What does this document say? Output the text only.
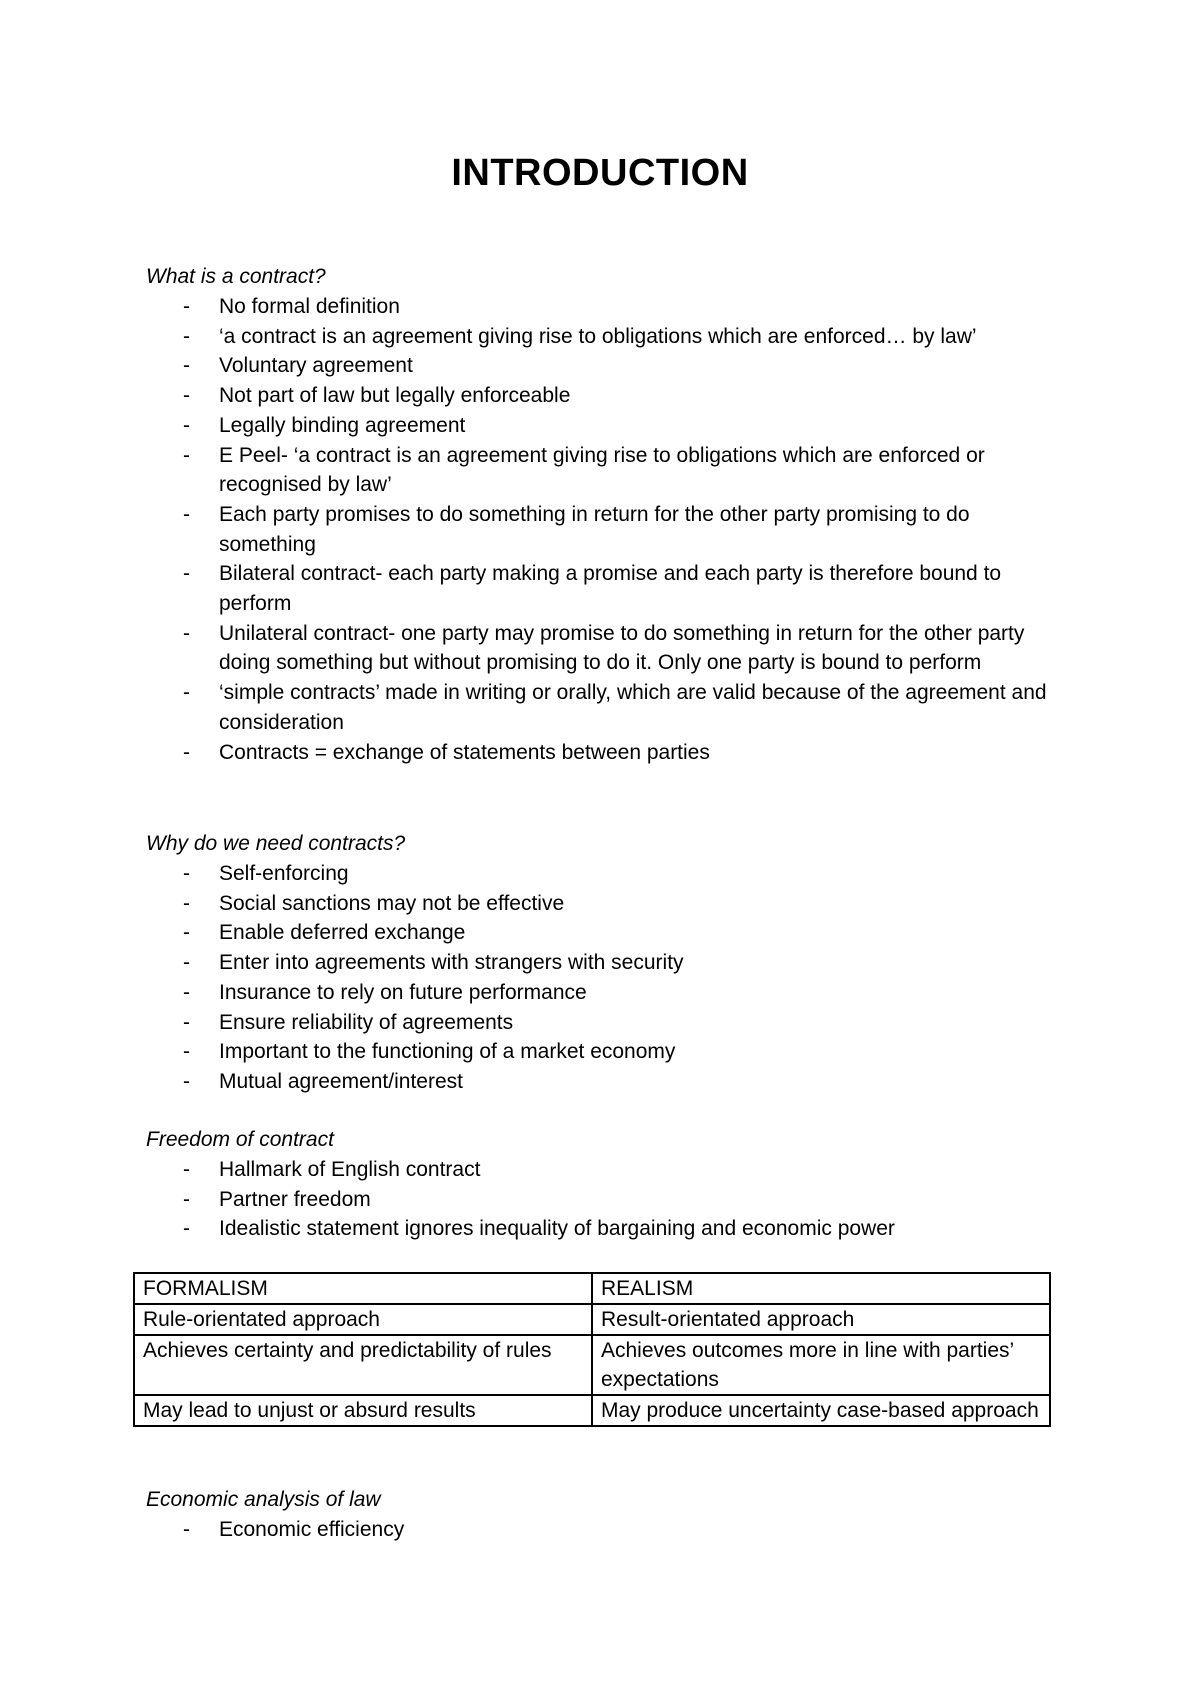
INTRODUCTION
What is a contract?
- No formal definition
- ‘a contract is an agreement giving rise to obligations which are enforced… by law’
- Voluntary agreement
- Not part of law but legally enforceable
- Legally binding agreement
- E Peel- ‘a contract is an agreement giving rise to obligations which are enforced or recognised by law’
- Each party promises to do something in return for the other party promising to do something
- Bilateral contract- each party making a promise and each party is therefore bound to perform
- Unilateral contract- one party may promise to do something in return for the other party doing something but without promising to do it. Only one party is bound to perform
- ‘simple contracts’ made in writing or orally, which are valid because of the agreement and consideration
- Contracts = exchange of statements between parties
Why do we need contracts?
- Self-enforcing
- Social sanctions may not be effective
- Enable deferred exchange
- Enter into agreements with strangers with security
- Insurance to rely on future performance
- Ensure reliability of agreements
- Important to the functioning of a market economy
- Mutual agreement/interest
Freedom of contract
- Hallmark of English contract
- Partner freedom
- Idealistic statement ignores inequality of bargaining and economic power
FORMALISM	REALISM
Rule-orientated approach	Result-orientated approach
Achieves certainty and predictability of rules	Achieves outcomes more in line with parties’ expectations
May lead to unjust or absurd results	May produce uncertainty case-based approach
Economic analysis of law
- Economic efficiency
